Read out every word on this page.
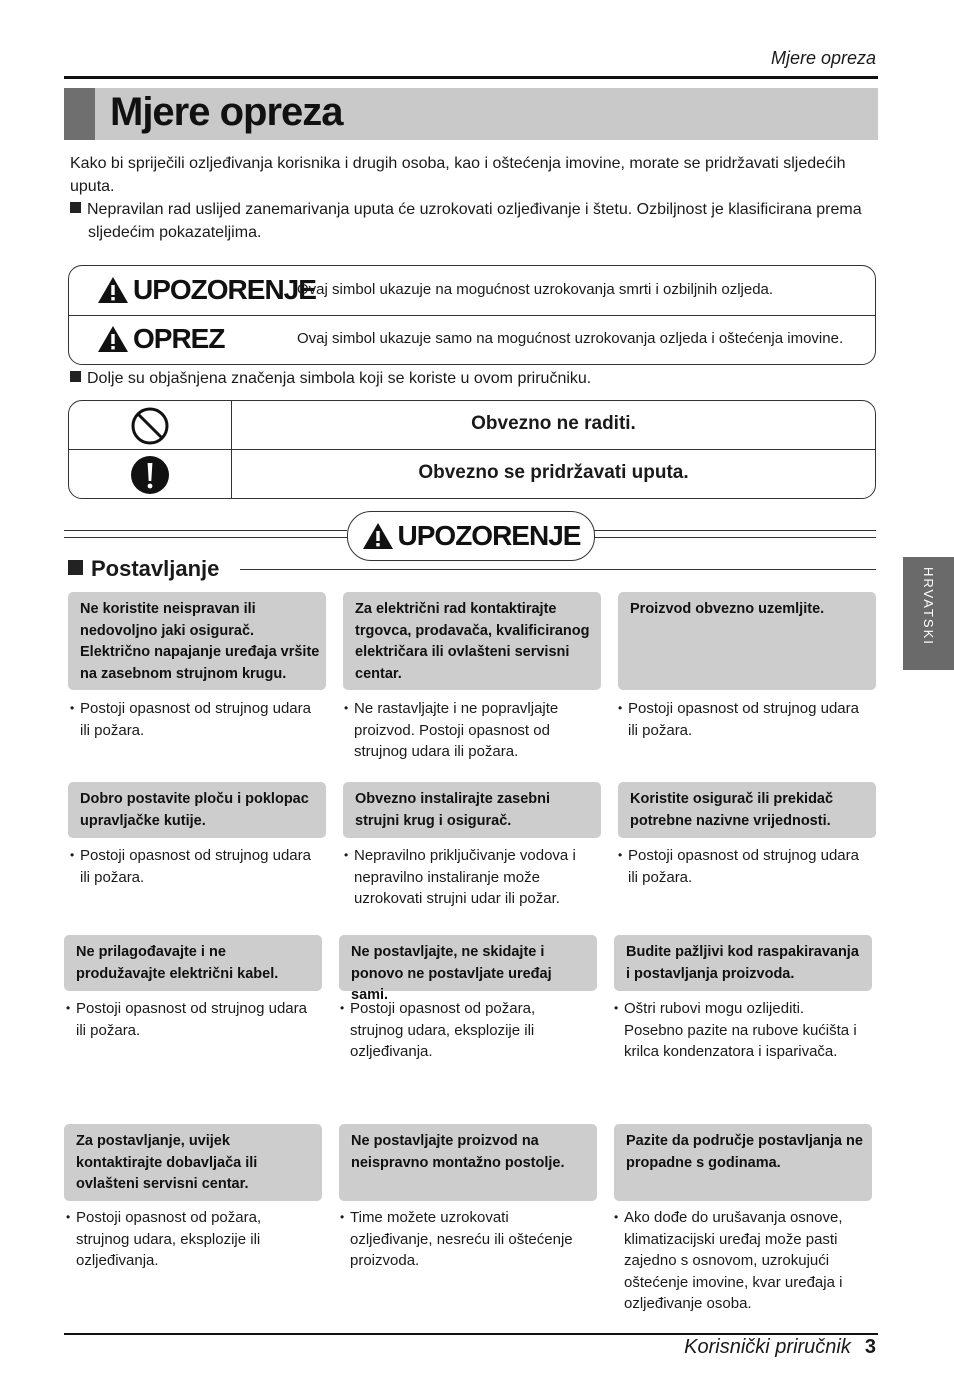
Mjere opreza
Mjere opreza

Kako bi spriječili ozljeđivanja korisnika i drugih osoba, kao i oštećenja imovine, morate se pridržavati sljedećih uputa.

Nepravilan rad uslijed zanemarivanja uputa će uzrokovati ozljeđivanje i štetu. Ozbiljnost je klasificirana prema sljedećim pokazateljima.

UPOZORENJE
Ovaj simbol ukazuje na mogućnost uzrokovanja smrti i ozbiljnih ozljeda.
OPREZ	Ovaj simbol ukazuje samo na mogućnost uzrokovanja ozljeda i oštećenja imovine.
Dolje su objašnjena značenja simbola koji se koriste u ovom priručniku.
Obvezno ne raditi.
Obvezno se pridržavati uputa.
UPOZORENJE
Postavljanje	HRVATSKI
Ne koristite neispravan ili nedovoljno jaki osigurač. Električno napajanje uređaja vršite na zasebnom strujnom krugu.
• Postoji opasnost od strujnog udara ili požara.
Za električni rad kontaktirajte trgovca, prodavača, kvalificiranog električara ili ovlašteni servisni centar.
• Ne rastavljajte i ne popravljajte proizvod. Postoji opasnost od strujnog udara ili požara.
Proizvod obvezno uzemljite.
• Postoji opasnost od strujnog udara ili požara.
Dobro postavite ploču i poklopac upravljačke kutije.
• Postoji opasnost od strujnog udara ili požara.
Obvezno instalirajte zasebni strujni krug i osigurač.
• Nepravilno priključivanje vodova i nepravilno instaliranje može uzrokovati strujni udar ili požar.
Koristite osigurač ili prekidač potrebne nazivne vrijednosti.
• Postoji opasnost od strujnog udara ili požara.
Ne prilagođavajte i ne produžavajte električni kabel.
• Postoji opasnost od strujnog udara ili požara.
Ne postavljajte, ne skidajte i ponovo ne postavljate uređaj sami.
• Postoji opasnost od požara, strujnog udara, eksplozije ili ozljeđivanja.
Budite pažljivi kod raspakiravanja i postavljanja proizvoda.
• Oštri rubovi mogu ozlijediti. Posebno pazite na rubove kućišta i krilca kondenzatora i isparivača.
Za postavljanje, uvijek kontaktirajte dobavljača ili ovlašteni servisni centar.
• Postoji opasnost od požara, strujnog udara, eksplozije ili ozljeđivanja.
Ne postavljajte proizvod na neispravno montažno postolje.
• Time možete uzrokovati ozljeđivanje, nesreću ili oštećenje proizvoda.
Pazite da područje postavljanja ne propadne s godinama.
• Ako dođe do urušavanja osnove, klimatizacijski uređaj može pasti zajedno s osnovom, uzrokujući oštećenje imovine, kvar uređaja i ozljeđivanje osoba.
Korisnički priručnik 3
